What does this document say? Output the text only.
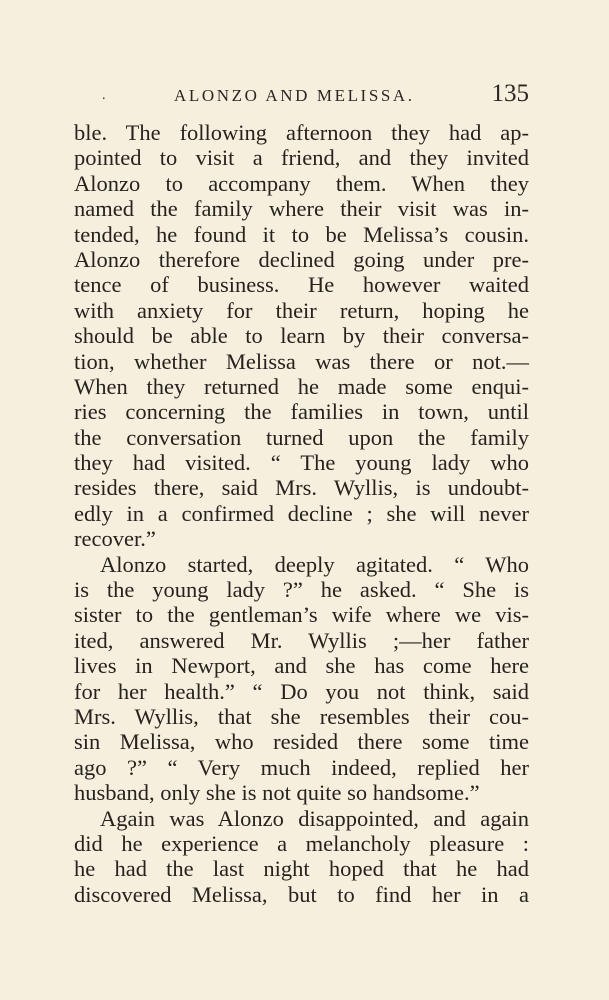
.	ALONZO AND MELISSA.	135
ble. The following afternoon they had ap-
pointed to visit a friend, and they invited
Alonzo to accompany them. When they
named the family where their visit was in-
tended, he found it to be Melissa’s cousin.
Alonzo therefore declined going under pre-
tence of business. He however waited
with anxiety for their return, hoping he
should be able to learn by their conversa-
tion, whether Melissa was there or not.—
When they returned he made some enqui-
ries concerning the families in town, until
the conversation turned upon the family
they had visited. “ The young lady who
resides there, said Mrs. Wyllis, is undoubt-
edly in a confirmed decline ; she will never
recover.”
Alonzo started, deeply agitated. “ Who
is the young lady ?” he asked. “ She is
sister to the gentleman’s wife where we vis-
ited, answered Mr. Wyllis ;—her father
lives in Newport, and she has come here
for her health.” “ Do you not think, said
Mrs. Wyllis, that she resembles their cou-
sin Melissa, who resided there some time
ago ?” “ Very much indeed, replied her
husband, only she is not quite so handsome.”
Again was Alonzo disappointed, and again
did he experience a melancholy pleasure :
he had the last night hoped that he had
discovered Melissa, but to find her in a
